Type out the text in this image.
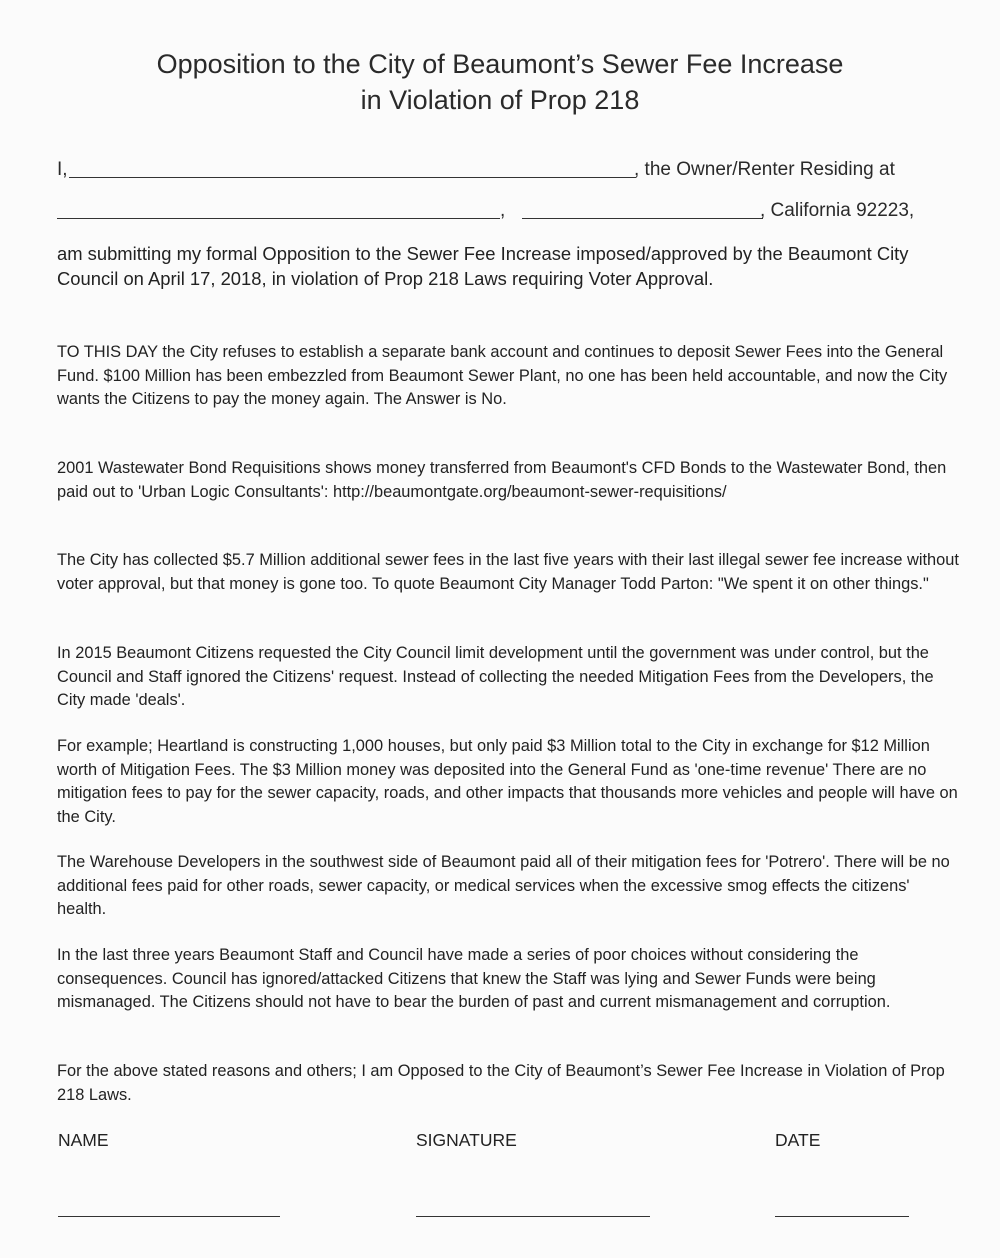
Opposition to the City of Beaumont’s Sewer Fee Increase
in Violation of Prop 218
I,	, the Owner/Renter Residing at
,	, California 92223,

am submitting my formal Opposition to the Sewer Fee Increase imposed/approved by the Beaumont City Council on April 17, 2018, in violation of Prop 218 Laws requiring Voter Approval.

TO THIS DAY the City refuses to establish a separate bank account and continues to deposit Sewer Fees into the General Fund. $100 Million has been embezzled from Beaumont Sewer Plant, no one has been held accountable, and now the City wants the Citizens to pay the money again. The Answer is No.

2001 Wastewater Bond Requisitions shows money transferred from Beaumont's CFD Bonds to the Wastewater Bond, then paid out to 'Urban Logic Consultants': http://beaumontgate.org/beaumont-sewer-requisitions/

The City has collected $5.7 Million additional sewer fees in the last five years with their last illegal sewer fee increase without voter approval, but that money is gone too. To quote Beaumont City Manager Todd Parton: "We spent it on other things."

In 2015 Beaumont Citizens requested the City Council limit development until the government was under control, but the Council and Staff ignored the Citizens' request. Instead of collecting the needed Mitigation Fees from the Developers, the City made 'deals'.

For example; Heartland is constructing 1,000 houses, but only paid $3 Million total to the City in exchange for $12 Million worth of Mitigation Fees. The $3 Million money was deposited into the General Fund as 'one-time revenue' There are no mitigation fees to pay for the sewer capacity, roads, and other impacts that thousands more vehicles and people will have on the City.

The Warehouse Developers in the southwest side of Beaumont paid all of their mitigation fees for 'Potrero'. There will be no additional fees paid for other roads, sewer capacity, or medical services when the excessive smog effects the citizens' health.

In the last three years Beaumont Staff and Council have made a series of poor choices without considering the consequences. Council has ignored/attacked Citizens that knew the Staff was lying and Sewer Funds were being mismanaged. The Citizens should not have to bear the burden of past and current mismanagement and corruption.

For the above stated reasons and others; I am Opposed to the City of Beaumont’s Sewer Fee Increase in Violation of Prop 218 Laws.

NAME	SIGNATURE	DATE
